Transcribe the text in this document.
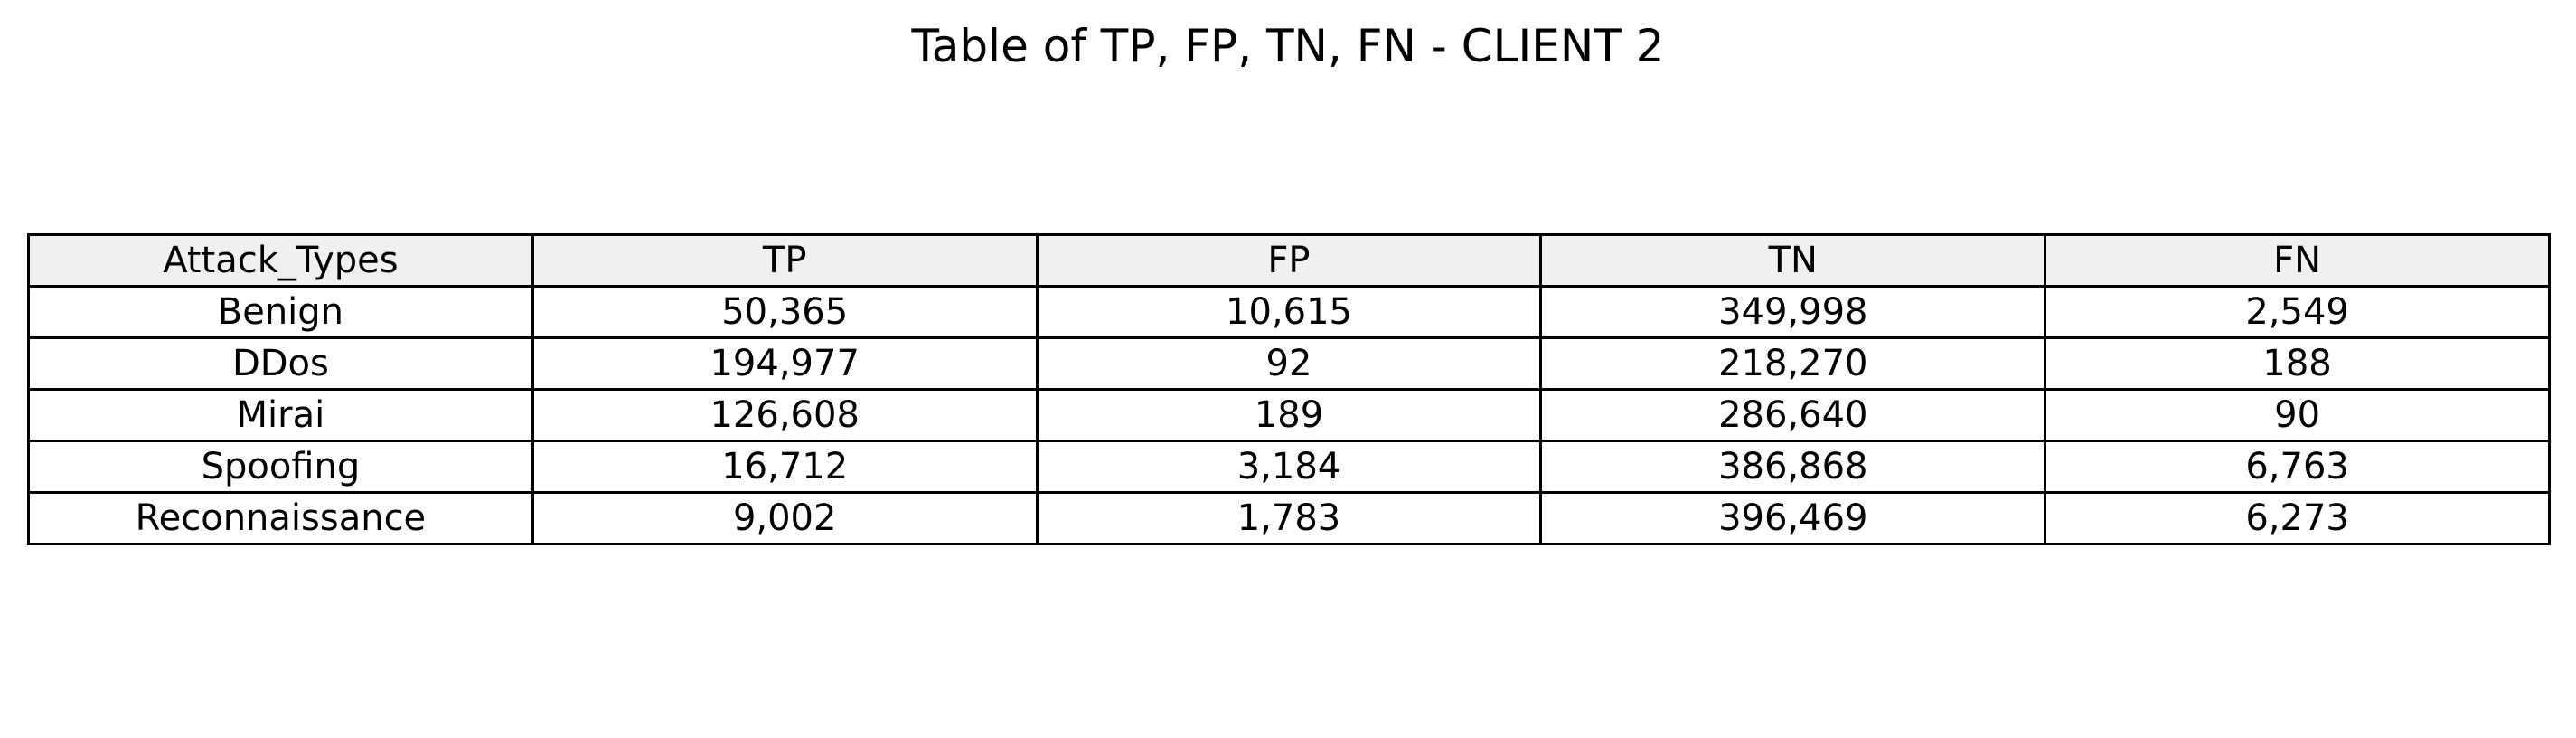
Table of TP, FP, TN, FN - CLIENT 2
Attack_Types	TP	FP	TN	FN
Benign	50,365	10,615	349,998	2,549
DDos	194,977	92	218,270	188
Mirai	126,608	189	286,640	90
Spoofing	16,712	3,184	386,868	6,763
Reconnaissance	9,002	1,783	396,469	6,273
